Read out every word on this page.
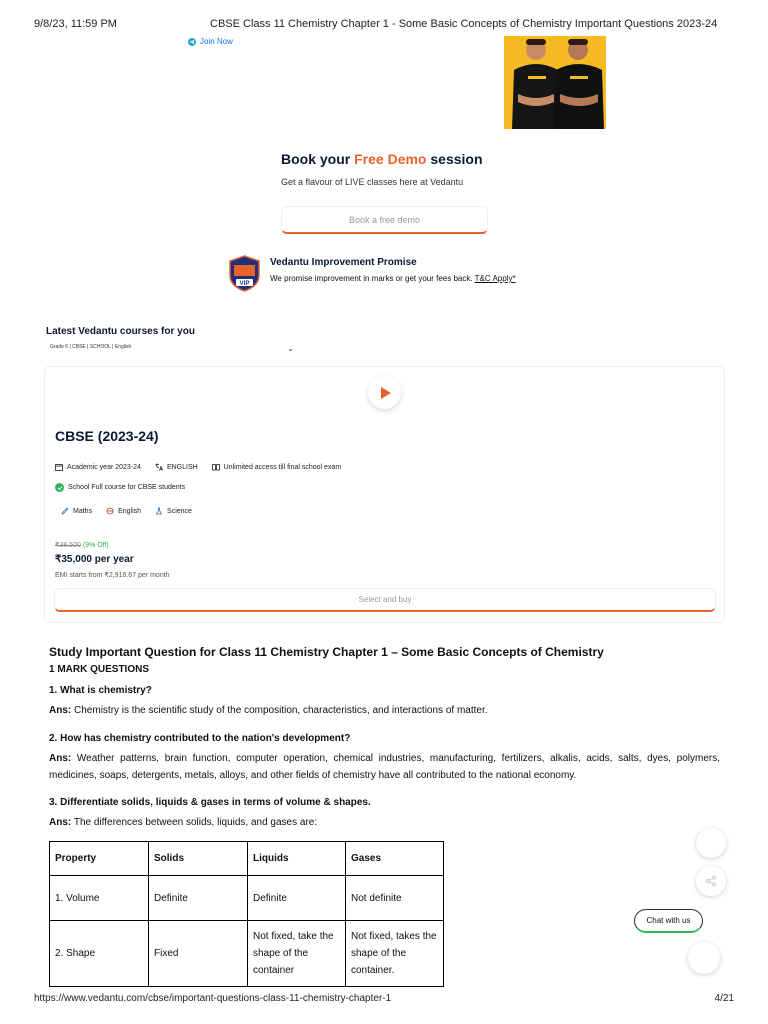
9/8/23, 11:59 PM	CBSE Class 11 Chemistry Chapter 1 - Some Basic Concepts of Chemistry Important Questions 2023-24
Join Now
Book your Free Demo session
Get a flavour of LIVE classes here at Vedantu
Book a free demo
VIP
Vedantu Improvement Promise
We promise improvement in marks or get your fees back. T&C Apply*
Latest Vedantu courses for you
Grade 6 | CBSE | SCHOOL | English	⌄
CBSE (2023-24)
Academic year 2023-24	ENGLISH	Unlimited access till final school exam
School Full course for CBSE students
Maths	English	Science
₹38,500 (9% Off)
₹35,000 per year
EMI starts from ₹2,916.67 per month
Select and buy
Study Important Question for Class 11 Chemistry Chapter 1 – Some Basic Concepts of Chemistry
1 MARK QUESTIONS
1. What is chemistry?
Ans: Chemistry is the scientific study of the composition, characteristics, and interactions of matter.
2. How has chemistry contributed to the nation's development?
Ans: Weather patterns, brain function, computer operation, chemical industries, manufacturing, fertilizers, alkalis, acids, salts, dyes, polymers, medicines, soaps, detergents, metals, alloys, and other fields of chemistry have all contributed to the national economy.
3. Differentiate solids, liquids & gases in terms of volume & shapes.
Ans: The differences between solids, liquids, and gases are:
Property	Solids	Liquids	Gases
1. Volume	Definite	Definite	Not definite
2. Shape	Fixed	Not fixed, take the shape of the container	Not fixed, takes the shape of the container.
Chat with us
https://www.vedantu.com/cbse/important-questions-class-11-chemistry-chapter-1	4/21
